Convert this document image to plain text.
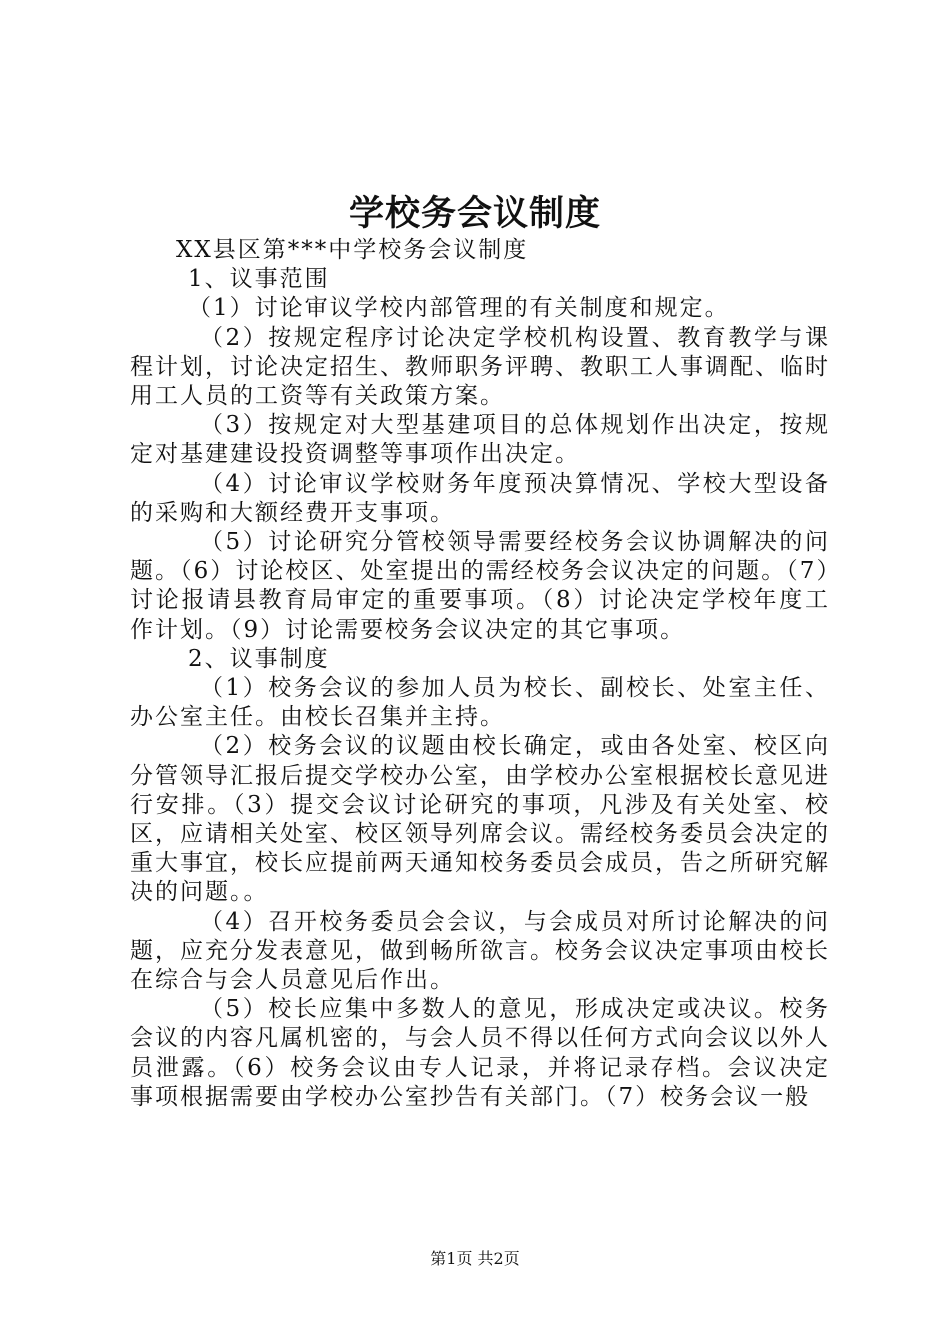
学校务会议制度

XX县区第***中学校务会议制度

1、议事范围

（1）讨论审议学校内部管理的有关制度和规定。

（2）按规定程序讨论决定学校机构设置、教育教学与课程计划，讨论决定招生、教师职务评聘、教职工人事调配、临时用工人员的工资等有关政策方案。

（3）按规定对大型基建项目的总体规划作出决定，按规定对基建建设投资调整等事项作出决定。

（4）讨论审议学校财务年度预决算情况、学校大型设备的采购和大额经费开支事项。

（5）讨论研究分管校领导需要经校务会议协调解决的问题。（6）讨论校区、处室提出的需经校务会议决定的问题。（7）讨论报请县教育局审定的重要事项。（8）讨论决定学校年度工作计划。（9）讨论需要校务会议决定的其它事项。

2、议事制度

（1）校务会议的参加人员为校长、副校长、处室主任、办公室主任。由校长召集并主持。

（2）校务会议的议题由校长确定，或由各处室、校区向分管领导汇报后提交学校办公室，由学校办公室根据校长意见进行安排。（3）提交会议讨论研究的事项，凡涉及有关处室、校区，应请相关处室、校区领导列席会议。需经校务委员会决定的重大事宜，校长应提前两天通知校务委员会成员，告之所研究解决的问题。。

（4）召开校务委员会会议，与会成员对所讨论解决的问题，应充分发表意见，做到畅所欲言。校务会议决定事项由校长在综合与会人员意见后作出。

（5）校长应集中多数人的意见，形成决定或决议。校务会议的内容凡属机密的，与会人员不得以任何方式向会议以外人员泄露。（6）校务会议由专人记录，并将记录存档。会议决定事项根据需要由学校办公室抄告有关部门。（7）校务会议一般

第1页 共2页
